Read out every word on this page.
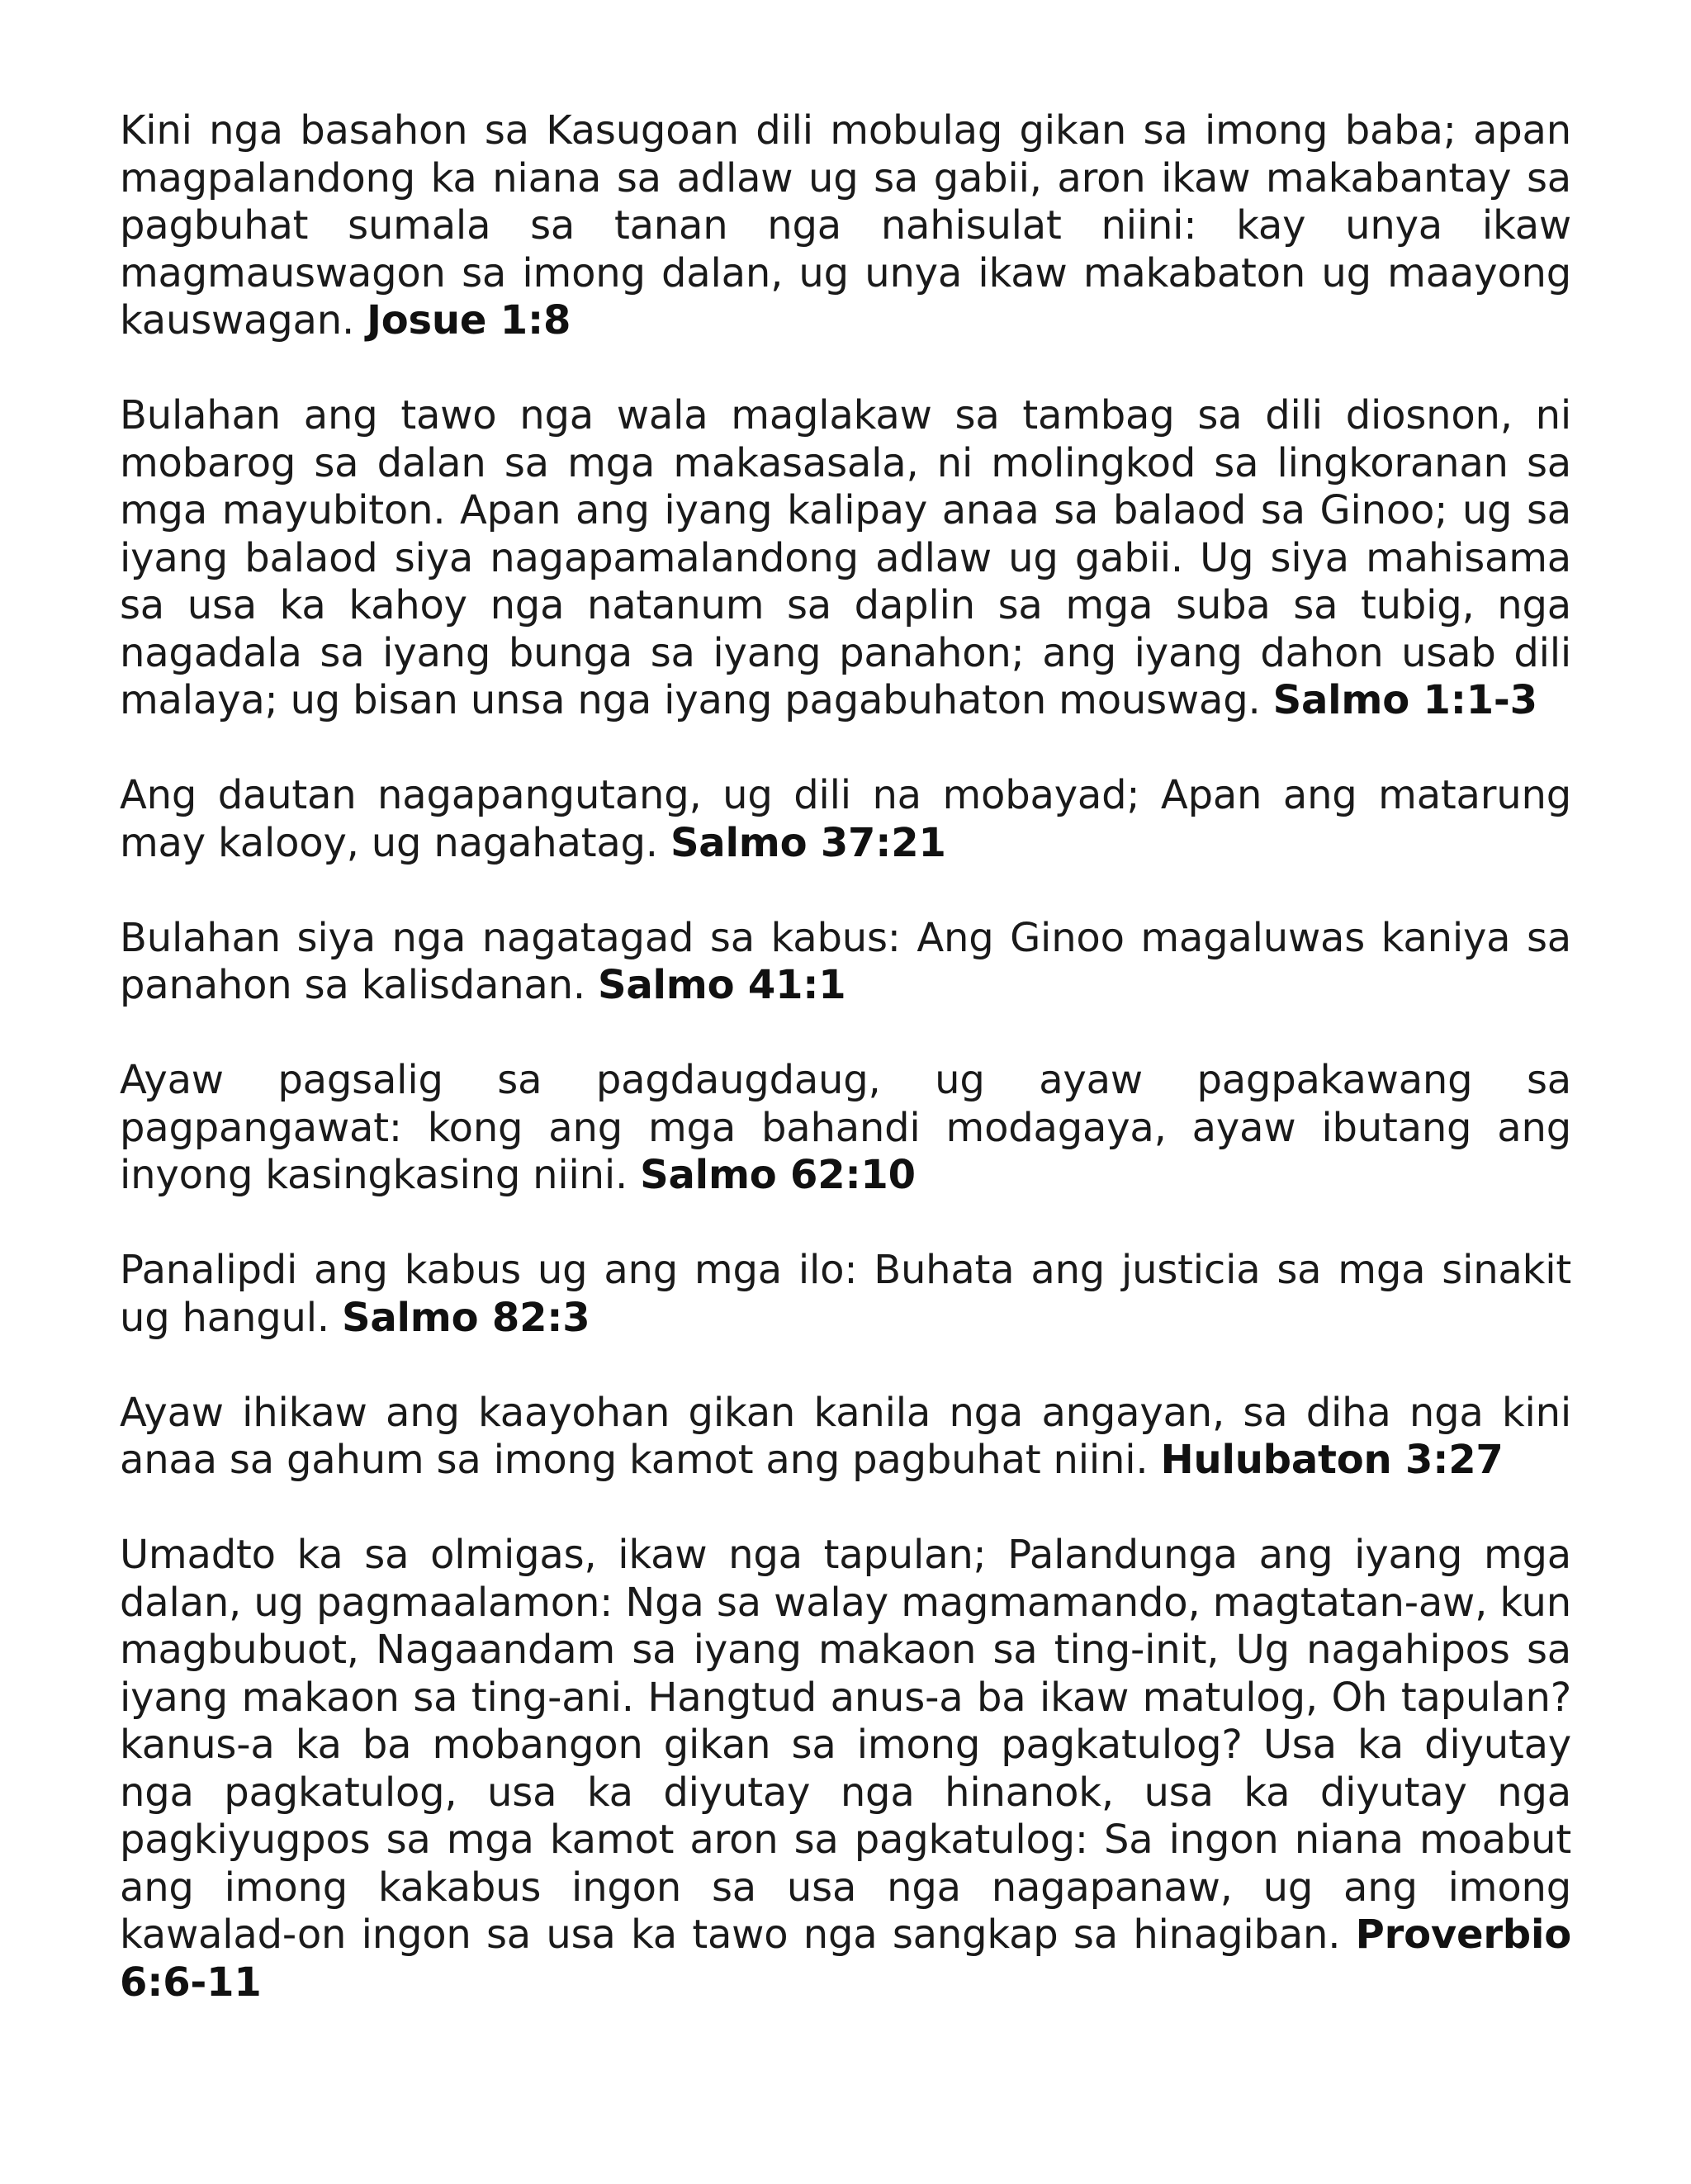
Kini nga basahon sa Kasugoan dili mobulag gikan sa imong baba; apan magpalandong ka niana sa adlaw ug sa gabii, aron ikaw makabantay sa pagbuhat sumala sa tanan nga nahisulat niini: kay unya ikaw magmauswagon sa imong dalan, ug unya ikaw makabaton ug maayong kauswagan. Josue 1:8

Bulahan ang tawo nga wala maglakaw sa tambag sa dili diosnon, ni mobarog sa dalan sa mga makasasala, ni molingkod sa lingkoranan sa mga mayubiton. Apan ang iyang kalipay anaa sa balaod sa Ginoo; ug sa iyang balaod siya nagapamalandong adlaw ug gabii. Ug siya mahisama sa usa ka kahoy nga natanum sa daplin sa mga suba sa tubig, nga nagadala sa iyang bunga sa iyang panahon; ang iyang dahon usab dili malaya; ug bisan unsa nga iyang pagabuhaton mouswag. Salmo 1:1-3

Ang dautan nagapangutang, ug dili na mobayad; Apan ang matarung may kalooy, ug nagahatag. Salmo 37:21

Bulahan siya nga nagatagad sa kabus: Ang Ginoo magaluwas kaniya sa panahon sa kalisdanan. Salmo 41:1

Ayaw pagsalig sa pagdaugdaug, ug ayaw pagpakawang sa pagpangawat: kong ang mga bahandi modagaya, ayaw ibutang ang inyong kasingkasing niini. Salmo 62:10

Panalipdi ang kabus ug ang mga ilo: Buhata ang justicia sa mga sinakit ug hangul. Salmo 82:3

Ayaw ihikaw ang kaayohan gikan kanila nga angayan, sa diha nga kini anaa sa gahum sa imong kamot ang pagbuhat niini. Hulubaton 3:27

Umadto ka sa olmigas, ikaw nga tapulan; Palandunga ang iyang mga dalan, ug pagmaalamon: Nga sa walay magmamando, magtatan-aw, kun magbubuot, Nagaandam sa iyang makaon sa ting-init, Ug nagahipos sa iyang makaon sa ting-ani. Hangtud anus-a ba ikaw matulog, Oh tapulan? kanus-a ka ba mobangon gikan sa imong pagkatulog? Usa ka diyutay nga pagkatulog, usa ka diyutay nga hinanok, usa ka diyutay nga pagkiyugpos sa mga kamot aron sa pagkatulog: Sa ingon niana moabut ang imong kakabus ingon sa usa nga nagapanaw, ug ang imong kawalad-on ingon sa usa ka tawo nga sangkap sa hinagiban. Proverbio 6:6-11
